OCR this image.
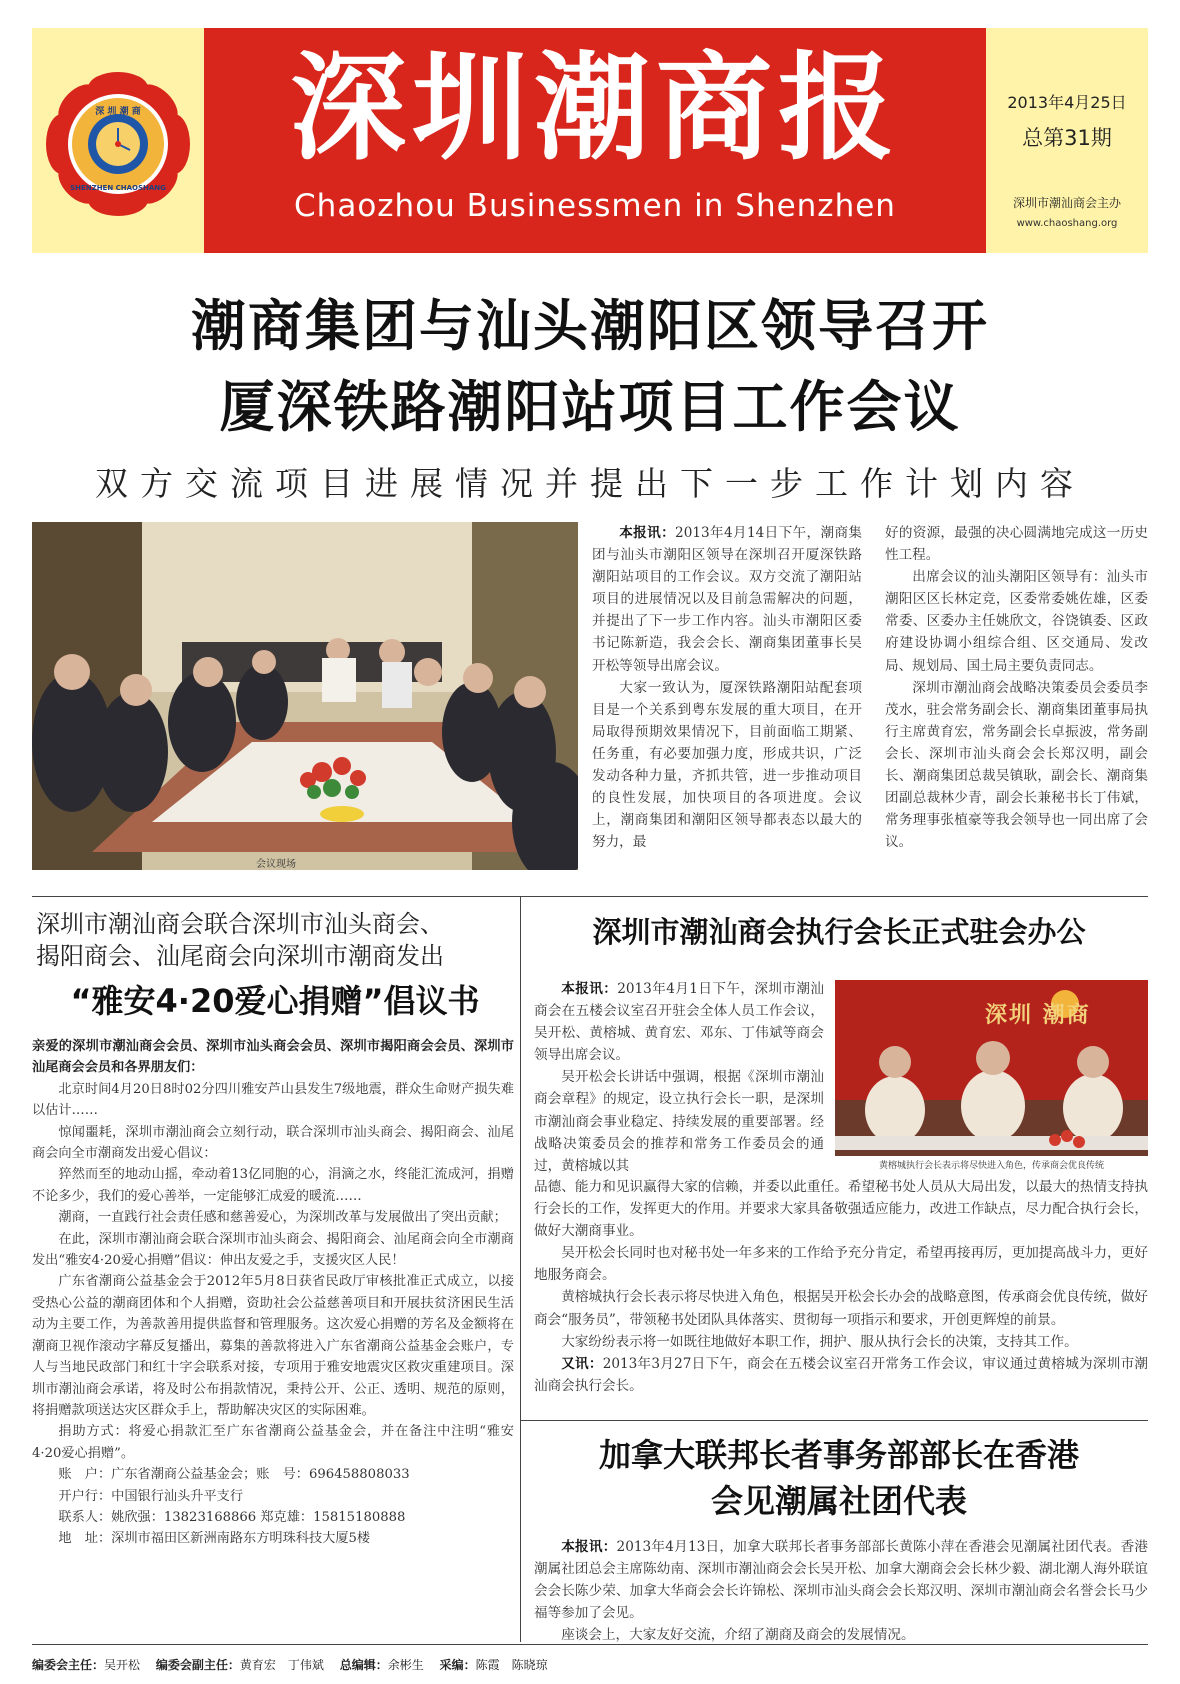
深 圳 潮 商
SHENZHEN CHAOSHANG
深圳潮商报
Chaozhou Businessmen in Shenzhen
2013年4月25日
总第31期
深圳市潮汕商会主办
www.chaoshang.org
潮商集团与汕头潮阳区领导召开
厦深铁路潮阳站项目工作会议
双方交流项目进展情况并提出下一步工作计划内容
会议现场

本报讯：2013年4月14日下午，潮商集团与汕头市潮阳区领导在深圳召开厦深铁路潮阳站项目的工作会议。双方交流了潮阳站项目的进展情况以及目前急需解决的问题，并提出了下一步工作内容。汕头市潮阳区委书记陈新造，我会会长、潮商集团董事长吴开松等领导出席会议。

大家一致认为，厦深铁路潮阳站配套项目是一个关系到粤东发展的重大项目，在开局取得预期效果情况下，目前面临工期紧、任务重，有必要加强力度，形成共识，广泛发动各种力量，齐抓共管，进一步推动项目的良性发展，加快项目的各项进度。会议上，潮商集团和潮阳区领导都表态以最大的努力，最

好的资源，最强的决心圆满地完成这一历史性工程。

出席会议的汕头潮阳区领导有：汕头市潮阳区区长林定竞，区委常委姚佐雄，区委常委、区委办主任姚欣文，谷饶镇委、区政府建设协调小组综合组、区交通局、发改局、规划局、国土局主要负责同志。

深圳市潮汕商会战略决策委员会委员李茂水，驻会常务副会长、潮商集团董事局执行主席黄育宏，常务副会长卓振波，常务副会长、深圳市汕头商会会长郑汉明，副会长、潮商集团总裁吴镇耿，副会长、潮商集团副总裁林少青，副会长兼秘书长丁伟斌，常务理事张植豪等我会领导也一同出席了会议。

深圳市潮汕商会联合深圳市汕头商会、
揭阳商会、汕尾商会向深圳市潮商发出
“雅安4·20爱心捐赠”倡议书

亲爱的深圳市潮汕商会会员、深圳市汕头商会会员、深圳市揭阳商会会员、深圳市汕尾商会会员和各界朋友们：

北京时间4月20日8时02分四川雅安芦山县发生7级地震，群众生命财产损失难以估计……

惊闻噩耗，深圳市潮汕商会立刻行动，联合深圳市汕头商会、揭阳商会、汕尾商会向全市潮商发出爱心倡议：

猝然而至的地动山摇，牵动着13亿同胞的心，涓滴之水，终能汇流成河，捐赠不论多少，我们的爱心善举，一定能够汇成爱的暖流……

潮商，一直践行社会责任感和慈善爱心，为深圳改革与发展做出了突出贡献；

在此，深圳市潮汕商会联合深圳市汕头商会、揭阳商会、汕尾商会向全市潮商发出“雅安4·20爱心捐赠”倡议：伸出友爱之手，支援灾区人民！

广东省潮商公益基金会于2012年5月8日获省民政厅审核批准正式成立，以接受热心公益的潮商团体和个人捐赠，资助社会公益慈善项目和开展扶贫济困民生活动为主要工作，为善款善用提供监督和管理服务。这次爱心捐赠的芳名及金额将在潮商卫视作滚动字幕反复播出，募集的善款将进入广东省潮商公益基金会账户，专人与当地民政部门和红十字会联系对接，专项用于雅安地震灾区救灾重建项目。深圳市潮汕商会承诺，将及时公布捐款情况，秉持公开、公正、透明、规范的原则，将捐赠款项送达灾区群众手上，帮助解决灾区的实际困难。

捐助方式：将爱心捐款汇至广东省潮商公益基金会，并在备注中注明“雅安4·20爱心捐赠”。

账　户：广东省潮商公益基金会；账　号：696458808033

开户行：中国银行汕头升平支行

联系人：姚欣强：13823168866 郑克雄：15815180888

地　址：深圳市福田区新洲南路东方明珠科技大厦5楼

深圳市潮汕商会执行会长正式驻会办公
深圳 潮商
黄榕城执行会长表示将尽快进入角色，传承商会优良传统

本报讯：2013年4月1日下午，深圳市潮汕商会在五楼会议室召开驻会全体人员工作会议，吴开松、黄榕城、黄育宏、邓东、丁伟斌等商会领导出席会议。

吴开松会长讲话中强调，根据《深圳市潮汕商会章程》的规定，设立执行会长一职，是深圳市潮汕商会事业稳定、持续发展的重要部署。经战略决策委员会的推荐和常务工作委员会的通过，黄榕城以其

品德、能力和见识赢得大家的信赖，并委以此重任。希望秘书处人员从大局出发，以最大的热情支持执行会长的工作，发挥更大的作用。并要求大家具备敬强适应能力，改进工作缺点，尽力配合执行会长，做好大潮商事业。

吴开松会长同时也对秘书处一年多来的工作给予充分肯定，希望再接再厉，更加提高战斗力，更好地服务商会。

黄榕城执行会长表示将尽快进入角色，根据吴开松会长办会的战略意图，传承商会优良传统，做好商会“服务员”，带领秘书处团队具体落实、贯彻每一项指示和要求，开创更辉煌的前景。

大家纷纷表示将一如既往地做好本职工作，拥护、服从执行会长的决策，支持其工作。

又讯：2013年3月27日下午，商会在五楼会议室召开常务工作会议，审议通过黄榕城为深圳市潮汕商会执行会长。

加拿大联邦长者事务部部长在香港
会见潮属社团代表

本报讯：2013年4月13日，加拿大联邦长者事务部部长黄陈小萍在香港会见潮属社团代表。香港潮属社团总会主席陈幼南、深圳市潮汕商会会长吴开松、加拿大潮商会会长林少毅、湖北潮人海外联谊会会长陈少荣、加拿大华商会会长许锦松、深圳市汕头商会会长郑汉明、深圳市潮汕商会名誉会长马少福等参加了会见。

座谈会上，大家友好交流，介绍了潮商及商会的发展情况。

编委会主任：吴开松 编委会副主任：黄育宏　丁伟斌 总编辑：余彬生 采编：陈霞　陈晓琼
